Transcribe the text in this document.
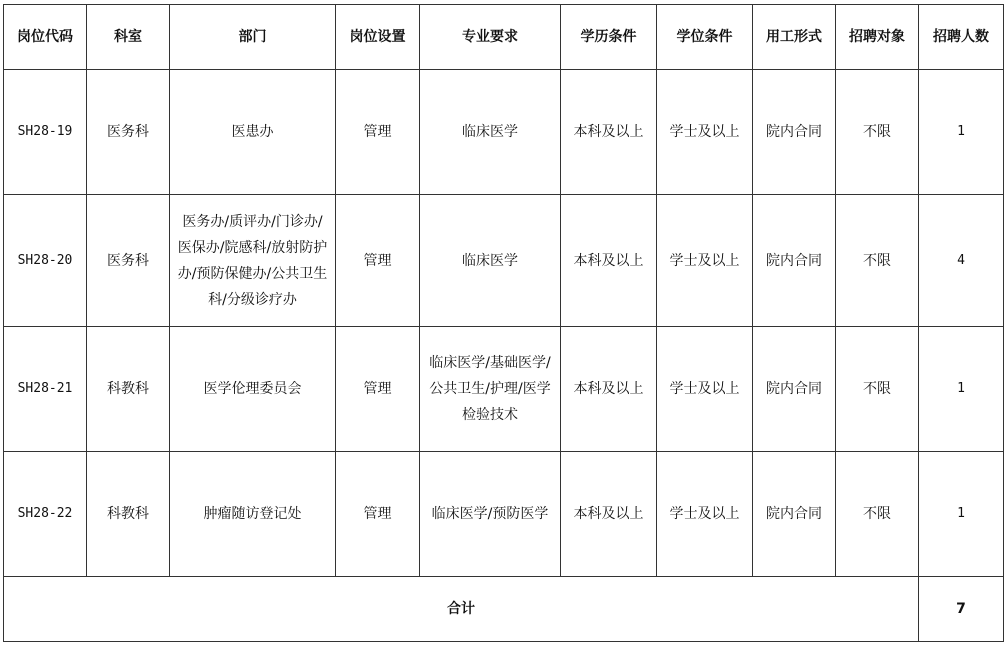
岗位代码	科室	部门	岗位设置	专业要求	学历条件	学位条件	用工形式	招聘对象	招聘人数
SH28-19	医务科	医患办	管理	临床医学	本科及以上	学士及以上	院内合同	不限	1
SH28-20	医务科	医务办/质评办/门诊办/医保办/院感科/放射防护办/预防保健办/公共卫生科/分级诊疗办	管理	临床医学	本科及以上	学士及以上	院内合同	不限	4
SH28-21	科教科	医学伦理委员会	管理	临床医学/基础医学/公共卫生/护理/医学检验技术	本科及以上	学士及以上	院内合同	不限	1
SH28-22	科教科	肿瘤随访登记处	管理	临床医学/预防医学	本科及以上	学士及以上	院内合同	不限	1
合计									7
